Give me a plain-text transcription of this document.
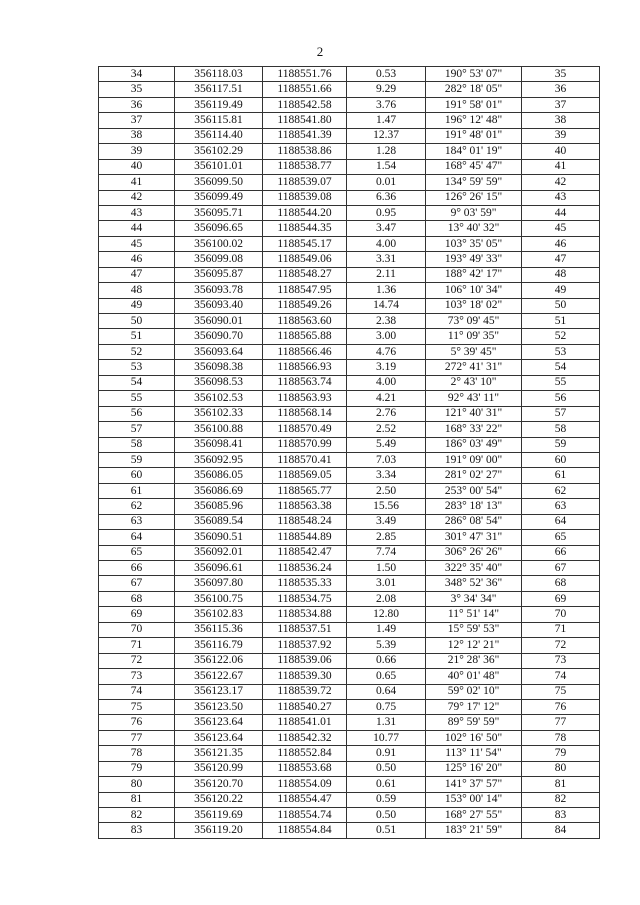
2
34	356118.03	1188551.76	0.53	190° 53' 07"	35
35	356117.51	1188551.66	9.29	282° 18' 05"	36
36	356119.49	1188542.58	3.76	191° 58' 01"	37
37	356115.81	1188541.80	1.47	196° 12' 48"	38
38	356114.40	1188541.39	12.37	191° 48' 01"	39
39	356102.29	1188538.86	1.28	184° 01' 19"	40
40	356101.01	1188538.77	1.54	168° 45' 47"	41
41	356099.50	1188539.07	0.01	134° 59' 59"	42
42	356099.49	1188539.08	6.36	126° 26' 15"	43
43	356095.71	1188544.20	0.95	9° 03' 59"	44
44	356096.65	1188544.35	3.47	13° 40' 32"	45
45	356100.02	1188545.17	4.00	103° 35' 05"	46
46	356099.08	1188549.06	3.31	193° 49' 33"	47
47	356095.87	1188548.27	2.11	188° 42' 17"	48
48	356093.78	1188547.95	1.36	106° 10' 34"	49
49	356093.40	1188549.26	14.74	103° 18' 02"	50
50	356090.01	1188563.60	2.38	73° 09' 45"	51
51	356090.70	1188565.88	3.00	11° 09' 35"	52
52	356093.64	1188566.46	4.76	5° 39' 45"	53
53	356098.38	1188566.93	3.19	272° 41' 31"	54
54	356098.53	1188563.74	4.00	2° 43' 10"	55
55	356102.53	1188563.93	4.21	92° 43' 11"	56
56	356102.33	1188568.14	2.76	121° 40' 31"	57
57	356100.88	1188570.49	2.52	168° 33' 22"	58
58	356098.41	1188570.99	5.49	186° 03' 49"	59
59	356092.95	1188570.41	7.03	191° 09' 00"	60
60	356086.05	1188569.05	3.34	281° 02' 27"	61
61	356086.69	1188565.77	2.50	253° 00' 54"	62
62	356085.96	1188563.38	15.56	283° 18' 13"	63
63	356089.54	1188548.24	3.49	286° 08' 54"	64
64	356090.51	1188544.89	2.85	301° 47' 31"	65
65	356092.01	1188542.47	7.74	306° 26' 26"	66
66	356096.61	1188536.24	1.50	322° 35' 40"	67
67	356097.80	1188535.33	3.01	348° 52' 36"	68
68	356100.75	1188534.75	2.08	3° 34' 34"	69
69	356102.83	1188534.88	12.80	11° 51' 14"	70
70	356115.36	1188537.51	1.49	15° 59' 53"	71
71	356116.79	1188537.92	5.39	12° 12' 21"	72
72	356122.06	1188539.06	0.66	21° 28' 36"	73
73	356122.67	1188539.30	0.65	40° 01' 48"	74
74	356123.17	1188539.72	0.64	59° 02' 10"	75
75	356123.50	1188540.27	0.75	79° 17' 12"	76
76	356123.64	1188541.01	1.31	89° 59' 59"	77
77	356123.64	1188542.32	10.77	102° 16' 50"	78
78	356121.35	1188552.84	0.91	113° 11' 54"	79
79	356120.99	1188553.68	0.50	125° 16' 20"	80
80	356120.70	1188554.09	0.61	141° 37' 57"	81
81	356120.22	1188554.47	0.59	153° 00' 14"	82
82	356119.69	1188554.74	0.50	168° 27' 55"	83
83	356119.20	1188554.84	0.51	183° 21' 59"	84
